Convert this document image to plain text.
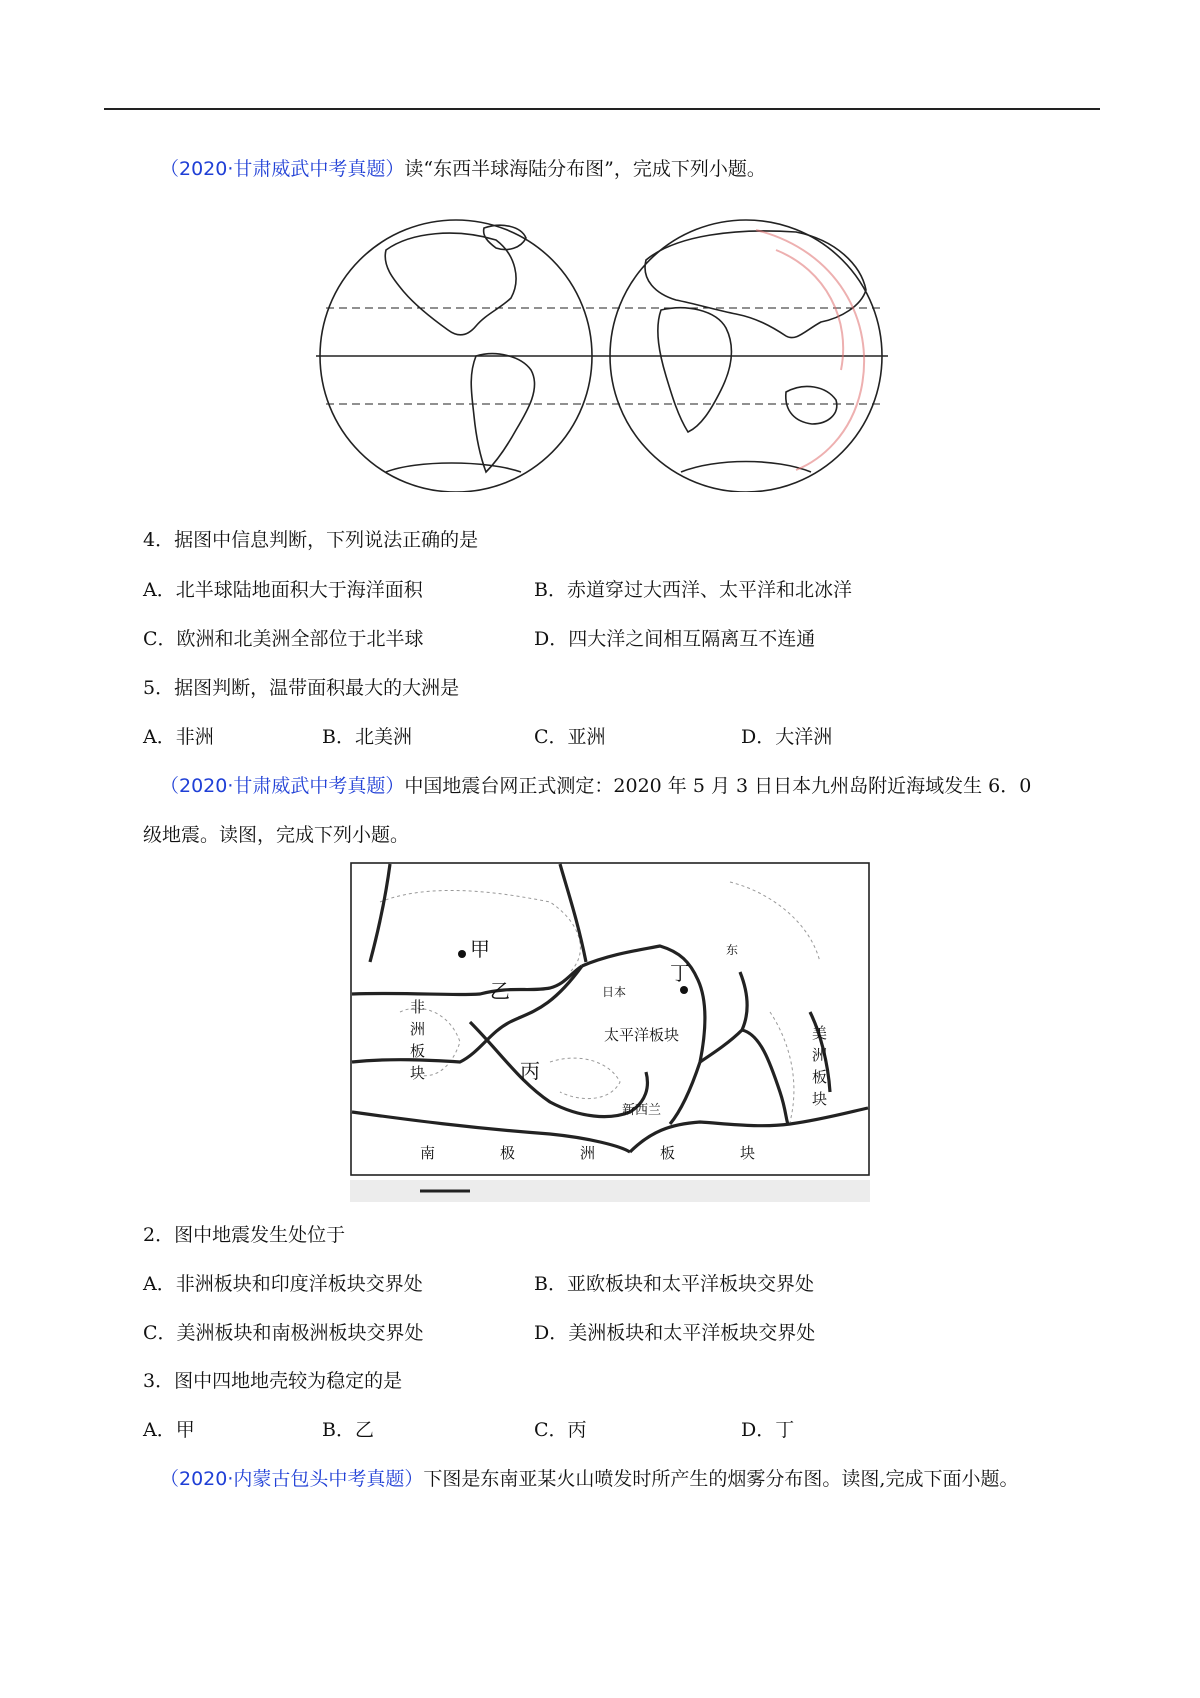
（2020·甘肃威武中考真题）读“东西半球海陆分布图”，完成下列小题。
4．据图中信息判断，下列说法正确的是
A．北半球陆地面积大于海洋面积	B．赤道穿过大西洋、太平洋和北冰洋
C．欧洲和北美洲全部位于北半球	D．四大洋之间相互隔离互不连通
5．据图判断，温带面积最大的大洲是
A．非洲	B．北美洲	C．亚洲	D．大洋洲
（2020·甘肃威武中考真题）中国地震台网正式测定：2020 年 5 月 3 日日本九州岛附近海域发生 6．0
级地震。读图，完成下列小题。
甲
乙
丙
丁
非
洲
板
块
太平洋板块
日本
东
新西兰
美
洲
板
块
南	极	洲	板	块
2．图中地震发生处位于
A．非洲板块和印度洋板块交界处	B．亚欧板块和太平洋板块交界处
C．美洲板块和南极洲板块交界处	D．美洲板块和太平洋板块交界处
3．图中四地地壳较为稳定的是
A．甲	B．乙	C．丙	D．丁
（2020·内蒙古包头中考真题）下图是东南亚某火山喷发时所产生的烟雾分布图。读图,完成下面小题。
